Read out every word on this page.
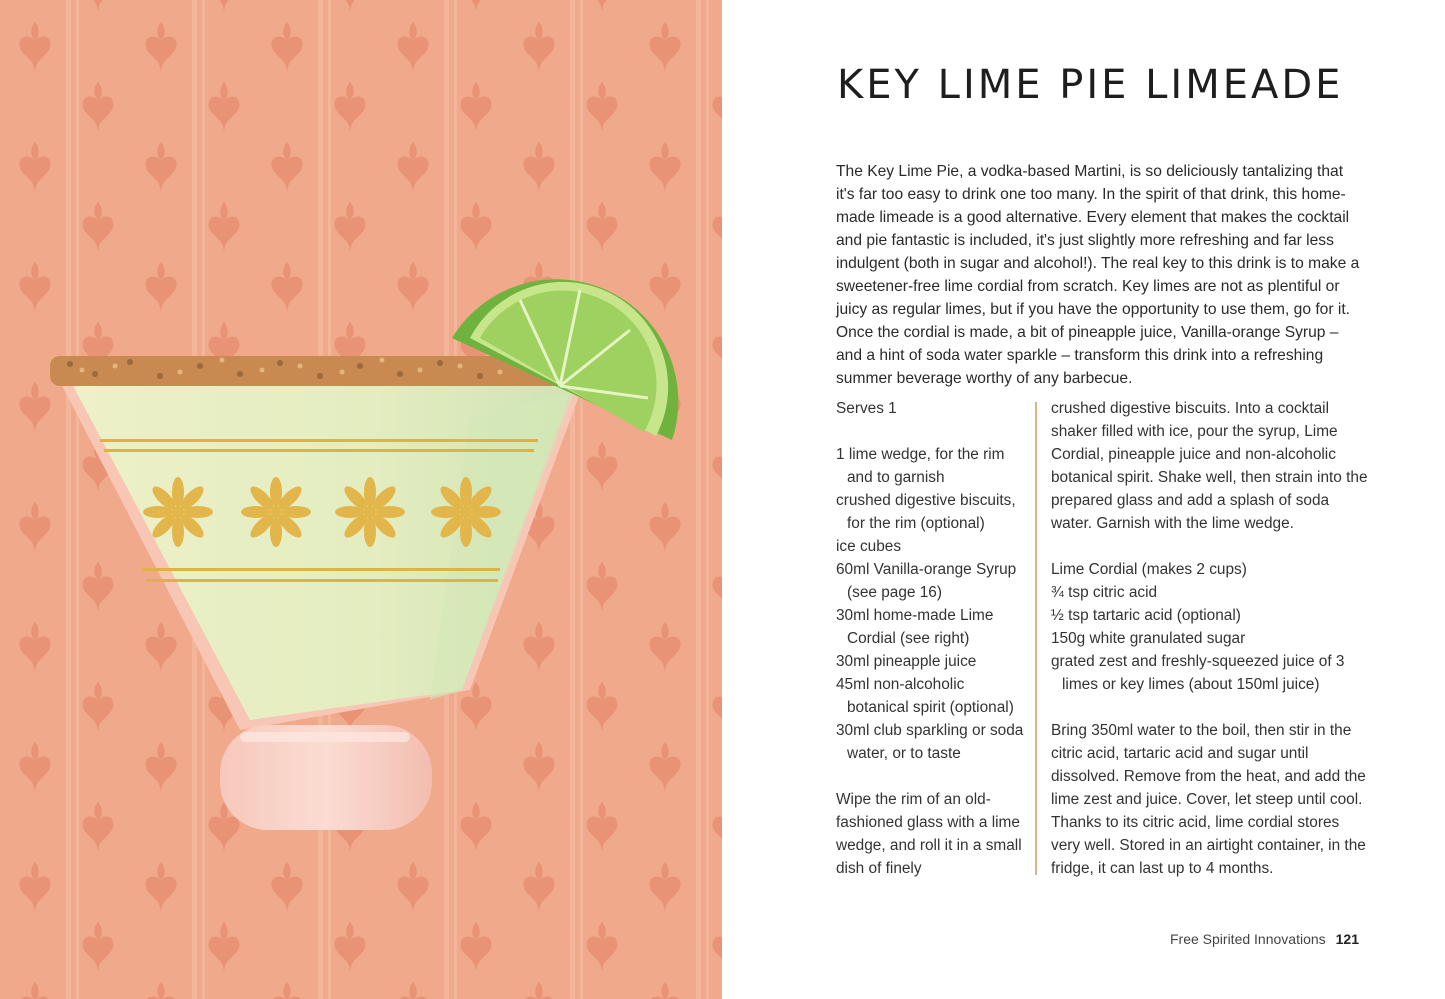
KEY LIME PIE LIMEADE

The Key Lime Pie, a vodka-based Martini, is so deliciously tantalizing that it's far too easy to drink one too many. In the spirit of that drink, this home-made limeade is a good alternative. Every element that makes the cocktail and pie fantastic is included, it's just slightly more refreshing and far less indulgent (both in sugar and alcohol!). The real key to this drink is to make a sweetener-free lime cordial from scratch. Key limes are not as plentiful or juicy as regular limes, but if you have the opportunity to use them, go for it. Once the cordial is made, a bit of pineapple juice, Vanilla-orange Syrup – and a hint of soda water sparkle – transform this drink into a refreshing summer beverage worthy of any barbecue.

Serves 1
1 lime wedge, for the rim and to garnish
crushed digestive biscuits, for the rim (optional)
ice cubes
60ml Vanilla-orange Syrup (see page 16)
30ml home-made Lime Cordial (see right)
30ml pineapple juice
45ml non-alcoholic botanical spirit (optional)
30ml club sparkling or soda water, or to taste

Wipe the rim of an old-fashioned glass with a lime wedge, and roll it in a small dish of finely

crushed digestive biscuits. Into a cocktail shaker filled with ice, pour the syrup, Lime Cordial, pineapple juice and non-alcoholic botanical spirit. Shake well, then strain into the prepared glass and add a splash of soda water. Garnish with the lime wedge.

Lime Cordial (makes 2 cups)
¾ tsp citric acid
½ tsp tartaric acid (optional)
150g white granulated sugar
grated zest and freshly-squeezed juice of 3 limes or key limes (about 150ml juice)

Bring 350ml water to the boil, then stir in the citric acid, tartaric acid and sugar until dissolved. Remove from the heat, and add the lime zest and juice. Cover, let steep until cool. Thanks to its citric acid, lime cordial stores very well. Stored in an airtight container, in the fridge, it can last up to 4 months.

Free Spirited Innovations 121
